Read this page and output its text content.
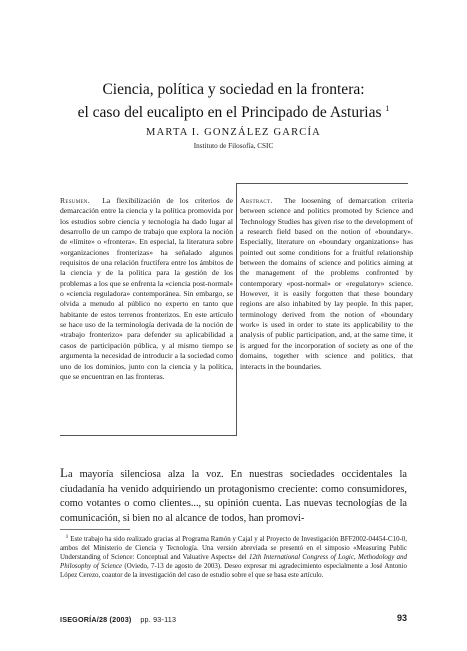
Ciencia, política y sociedad en la frontera:
el caso del eucalipto en el Principado de Asturias $^1$
MARTA I. GONZÁLEZ GARCÍA
Instituto de Filosofía, CSIC
Resumen. La flexibilización de los criterios de demarcación entre la ciencia y la política promovida por los estudios sobre ciencia y tecnología ha dado lugar al desarrollo de un campo de trabajo que explora la noción de «límite» o «frontera». En especial, la literatura sobre «organizaciones fronterizas» ha señalado algunos requisitos de una relación fructífera entre los ámbitos de la ciencia y de la política para la gestión de los problemas a los que se enfrenta la «ciencia post-normal» o «ciencia reguladora» contemporánea. Sin embargo, se olvida a menudo al público no experto en tanto que habitante de estos terrenos fronterizos. En este artículo se hace uso de la terminología derivada de la noción de «trabajo fronterizo» para defender su aplicabilidad a casos de participación pública, y al mismo tiempo se argumenta la necesidad de introducir a la sociedad como uno de los dominios, junto con la ciencia y la política, que se encuentran en las fronteras.
Abstract. The loosening of demarcation criteria between science and politics promoted by Science and Technology Studies has given rise to the development of a research field based on the notion of «boundary». Especially, literature on «boundary organizations» has pointed out some conditions for a fruitful relationship between the domains of science and politics aiming at the management of the problems confronted by contemporary «post-normal» or «regulatory» science. However, it is easily forgotten that these boundary regions are also inhabited by lay people. In this paper, terminology derived from the notion of «boundary work» is used in order to state its applicability to the analysis of public participation, and, at the same time, it is argued for the incorporation of society as one of the domains, together with science and politics, that interacts in the boundaries.
La mayoría silenciosa alza la voz. En nuestras sociedades occidentales la ciudadanía ha venido adquiriendo un protagonismo creciente: como consumidores, como votantes o como clientes..., su opinión cuenta. Las nuevas tecnologías de la comunicación, si bien no al alcance de todos, han promovi-
$^1$ Este trabajo ha sido realizado gracias al Programa Ramón y Cajal y al Proyecto de Investigación BFF2002-04454-C10-0, ambos del Ministerio de Ciencia y Tecnología. Una versión abreviada se presentó en el simposio «Measuring Public Understanding of Science: Conceptual and Valuative Aspects» del 12th International Congress of Logic, Methodology and Philosophy of Science (Oviedo, 7-13 de agosto de 2003). Deseo expresar mi agradecimiento especialmente a José Antonio López Cerezo, coautor de la investigación del caso de estudio sobre el que se basa este artículo.
ISEGORÍA/28 (2003) pp. 93-113	93
